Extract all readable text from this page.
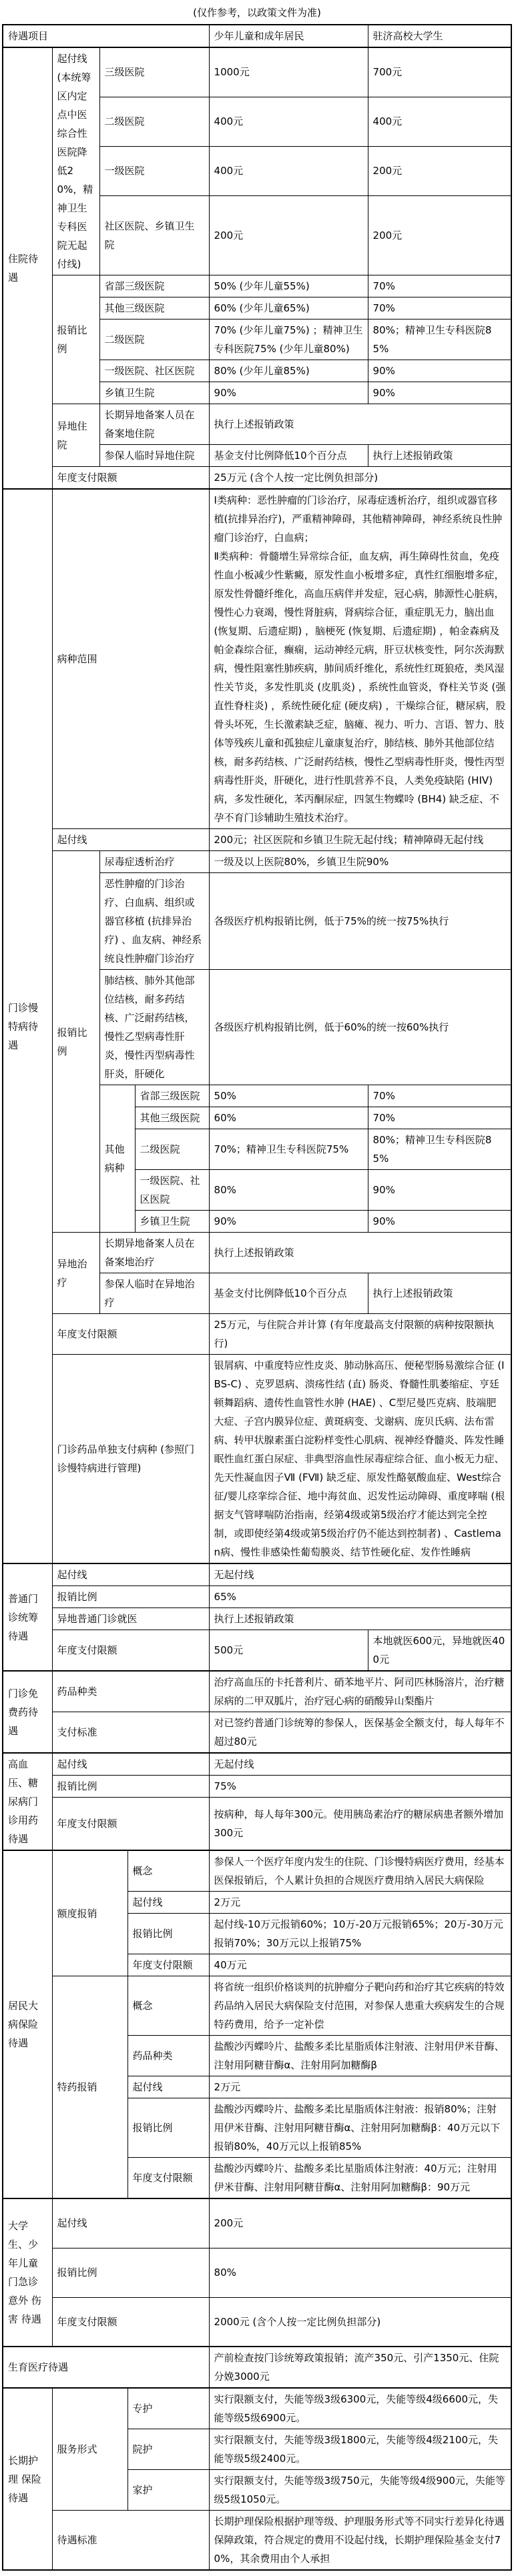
(仅作参考，以政策文件为准)
待遇项目					少年儿童和成年居民	驻济高校大学生
住院待遇	起付线(本统筹区内定点中医综合性医院降低20%，精神卫生专科医院无起付线)	三级医院			1000元	700元
		二级医院			400元	400元
		一级医院			400元	200元
		社区医院、乡镇卫生院			200元	200元
	报销比例	省部三级医院			50% (少年儿童55%)	70%
		其他三级医院			60% (少年儿童65%)	70%
		二级医院			70% (少年儿童75%) ；精神卫生专科医院75% (少年儿童80%)	80%；精神卫生专科医院85%
		一级医院、社区医院			80% (少年儿童85%)	90%
		乡镇卫生院			90%	90%
	异地住院	长期异地备案人员在备案地住院			执行上述报销政策	
		参保人临时异地住院			基金支付比例降低10个百分点	执行上述报销政策
	年度支付限额				25万元 (含个人按一定比例负担部分)	
门诊慢特病待遇	病种范围				Ⅰ类病种：恶性肿瘤的门诊治疗，尿毒症透析治疗，组织或器官移植(抗排异治疗)，严重精神障碍，其他精神障碍，神经系统良性肿瘤门诊治疗，白血病；
Ⅱ类病种：骨髓增生异常综合征，血友病，再生障碍性贫血，免疫性血小板减少性紫癜，原发性血小板增多症，真性红细胞增多症，原发性骨髓纤维化，高血压病伴并发症，冠心病，肺源性心脏病，慢性心力衰竭，慢性肾脏病，肾病综合征，重症肌无力，脑出血 (恢复期、后遗症期) ，脑梗死 (恢复期、后遗症期) ，帕金森病及帕金森综合征，癫痫，运动神经元病，肝豆状核变性，阿尔茨海默病，慢性阻塞性肺疾病，肺间质纤维化，系统性红斑狼疮，类风湿性关节炎，多发性肌炎 (皮肌炎) ，系统性血管炎，脊柱关节炎 (强直性脊柱炎) ，系统性硬化症 (硬皮病) ，干燥综合征，糖尿病，股骨头坏死，生长激素缺乏症，脑瘫、视力、听力、言语、智力、肢体等残疾儿童和孤独症儿童康复治疗，肺结核、肺外其他部位结核，耐多药结核、广泛耐药结核，慢性乙型病毒性肝炎，慢性丙型病毒性肝炎，肝硬化，进行性肌营养不良，人类免疫缺陷 (HIV) 病，多发性硬化，苯丙酮尿症，四氢生物蝶呤 (BH4) 缺乏症、不孕不育门诊辅助生殖技术治疗。	

	起付线				200元；社区医院和乡镇卫生院无起付线；精神障碍无起付线	
	报销比例	尿毒症透析治疗			一级及以上医院80%，乡镇卫生院90%	
		恶性肿瘤的门诊治疗、白血病、组织或器官移植 (抗排异治疗) 、血友病、神经系统良性肿瘤门诊治疗			各级医疗机构报销比例，低于75%的统一按75%执行	
		肺结核、肺外其他部位结核，耐多药结核、广泛耐药结核，慢性乙型病毒性肝炎，慢性丙型病毒性肝炎，肝硬化			各级医疗机构报销比例，低于60%的统一按60%执行	
		其他病种		省部三级医院	50%	70%
				其他三级医院	60%	70%
				二级医院	70%；精神卫生专科医院75%	80%；精神卫生专科医院85%
				一级医院、社区医院	80%	90%
				乡镇卫生院	90%	90%
	异地治疗	长期异地备案人员在备案地治疗			执行上述报销政策	
		参保人临时在异地治疗			基金支付比例降低10个百分点	执行上述报销政策
	年度支付限额				25万元，与住院合并计算 (有年度最高支付限额的病种按限额执行)	
	门诊药品单独支付病种 (参照门诊慢特病进行管理)				银屑病、中重度特应性皮炎、肺动脉高压、便秘型肠易激综合征 (IBS-C) 、克罗恩病、溃疡性结 (直) 肠炎、脊髓性肌萎缩症、亨廷顿舞蹈病、遗传性血管性水肿 (HAE) 、C型尼曼匹克病、肢端肥大症、子宫内膜异位症、黄斑病变、戈谢病、庞贝氏病、法布雷病、转甲状腺素蛋白淀粉样变性心肌病、视神经脊髓炎、阵发性睡眠性血红蛋白尿症、非典型溶血性尿毒症综合征、血小板无力症、先天性凝血因子Ⅶ (FⅦ) 缺乏症、原发性酪氨酸血症、West综合征/婴儿痉挛综合征、地中海贫血、迟发性运动障碍、重度哮喘 (根据支气管哮喘防治指南，经第4级或第5级治疗才能达到完全控制，或即使经第4级或第5级治疗仍不能达到控制者) 、Castleman病、慢性非感染性葡萄膜炎、结节性硬化症、发作性睡病	
普通门诊统筹待遇	起付线				无起付线	
	报销比例				65%	
	异地普通门诊就医				执行上述报销政策	
	年度支付限额				500元	本地就医600元，异地就医400元
门诊免费药待遇	药品种类				治疗高血压的卡托普利片、硝苯地平片、阿司匹林肠溶片，治疗糖尿病的二甲双胍片，治疗冠心病的硝酸异山梨酯片	
	支付标准				对已签约普通门诊统筹的参保人，医保基金全额支付，每人每年不超过80元	
高血压、糖尿病门诊用药待遇	起付线				无起付线	
	报销比例				75%	
	年度支付限额				按病种，每人每年300元。使用胰岛素治疗的糖尿病患者额外增加300元	
居民大病保险待遇	额度报销		概念		参保人一个医疗年度内发生的住院、门诊慢特病医疗费用，经基本医保报销后，个人累计负担的合规医疗费用纳入居民大病保险	
			起付线		2万元	
			报销比例		起付线-10万元报销60%；10万-20万元报销65%；20万-30万元报销70%；30万元以上报销75%	
			年度支付限额		40万元	
	特药报销		概念		将省统一组织价格谈判的抗肿瘤分子靶向药和治疗其它疾病的特效药品纳入居民大病保险支付范围，对参保人患重大疾病发生的合规特药费用，给予一定补偿	
			药品种类		盐酸沙丙蝶呤片、盐酸多柔比星脂质体注射液、注射用伊米苷酶、注射用阿糖苷酶α、注射用阿加糖酶β	
			起付线		2万元	
			报销比例		盐酸沙丙蝶呤片、盐酸多柔比星脂质体注射液：报销80%；注射用伊米苷酶、注射用阿糖苷酶α、注射用阿加糖酶β：40万元以下报销80%，40万元以上报销85%	
			年度支付限额		盐酸沙丙蝶呤片、盐酸多柔比星脂质体注射液：40万元；注射用伊米苷酶、注射用阿糖苷酶α、注射用阿加糖酶β：90万元	
大学生、少年儿童门急诊意外 伤害 待遇	起付线				200元	
	报销比例				80%	
	年度支付限额				2000元 (含个人按一定比例负担部分)	
生育医疗待遇					产前检查按门诊统筹政策报销；流产350元、引产1350元、住院分娩3000元	
长期护理 保险 待遇	服务形式		专护		实行限额支付，失能等级3级6300元，失能等级4级6600元，失能等级5级6900元。	
			院护		实行限额支付，失能等级3级1800元，失能等级4级2100元，失能等级5级2400元。	
			家护		实行限额支付，失能等级3级750元，失能等级4级900元，失能等级5级1050元。	
	待遇标准				长期护理保险根据护理等级、护理服务形式等不同实行差异化待遇保障政策，符合规定的费用不设起付线，长期护理保险基金支付70%，其余费用由个人承担	
